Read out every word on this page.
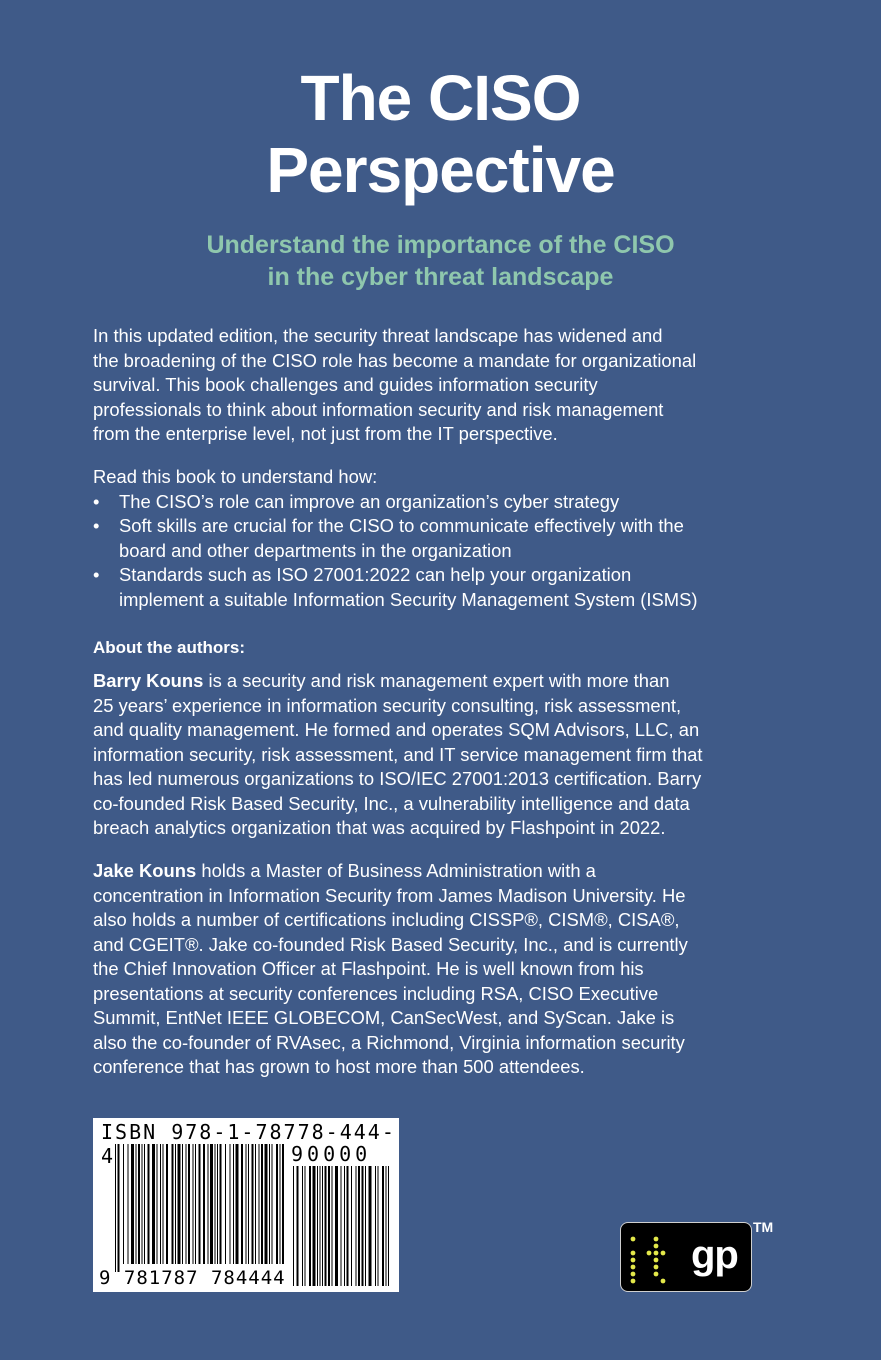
The CISO
Perspective
Understand the importance of the CISO
in the cyber threat landscape
In this updated edition, the security threat landscape has widened and
the broadening of the CISO role has become a mandate for organizational
survival. This book challenges and guides information security
professionals to think about information security and risk management
from the enterprise level, not just from the IT perspective.
Read this book to understand how:
• The CISO’s role can improve an organization’s cyber strategy
• Soft skills are crucial for the CISO to communicate effectively with the
board and other departments in the organization
• Standards such as ISO 27001:2022 can help your organization
implement a suitable Information Security Management System (ISMS)
About the authors:
Barry Kouns is a security and risk management expert with more than
25 years’ experience in information security consulting, risk assessment,
and quality management. He formed and operates SQM Advisors, LLC, an
information security, risk assessment, and IT service management firm that
has led numerous organizations to ISO/IEC 27001:2013 certification. Barry
co-founded Risk Based Security, Inc., a vulnerability intelligence and data
breach analytics organization that was acquired by Flashpoint in 2022.
Jake Kouns holds a Master of Business Administration with a
concentration in Information Security from James Madison University. He
also holds a number of certifications including CISSP®, CISM®, CISA®,
and CGEIT®. Jake co-founded Risk Based Security, Inc., and is currently
the Chief Innovation Officer at Flashpoint. He is well known from his
presentations at security conferences including RSA, CISO Executive
Summit, EntNet IEEE GLOBECOM, CanSecWest, and SyScan. Jake is
also the co-founder of RVAsec, a Richmond, Virginia information security
conference that has grown to host more than 500 attendees.
ISBN 978-1-78778-444-4	90000
9 781787 784444
gp
TM
